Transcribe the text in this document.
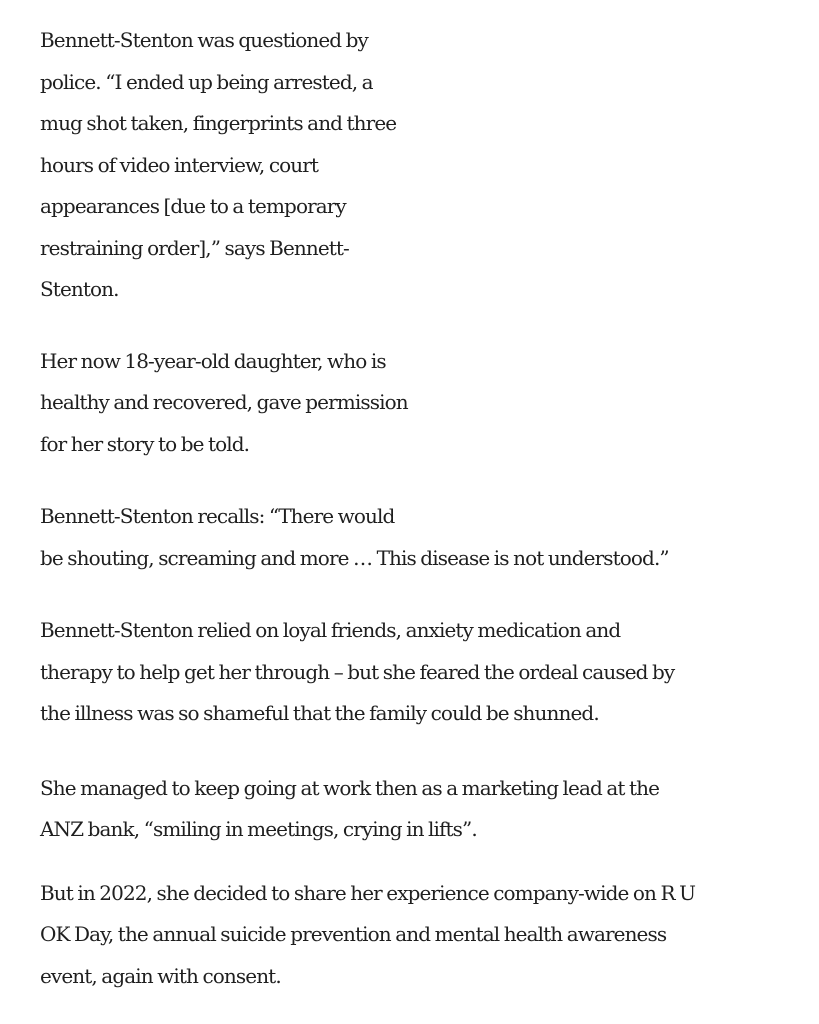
Bennett-Stenton was questioned by
police. “I ended up being arrested, a
mug shot taken, fingerprints and three
hours of video interview, court
appearances [due to a temporary
restraining order],” says Bennett-
Stenton.

Her now 18-year-old daughter, who is
healthy and recovered, gave permission
for her story to be told.

Bennett-Stenton recalls: “There would
be shouting, screaming and more … This disease is not understood.”

Bennett-Stenton relied on loyal friends, anxiety medication and
therapy to help get her through – but she feared the ordeal caused by
the illness was so shameful that the family could be shunned.

She managed to keep going at work then as a marketing lead at the
ANZ bank, “smiling in meetings, crying in lifts”.

But in 2022, she decided to share her experience company-wide on R U
OK Day, the annual suicide prevention and mental health awareness
event, again with consent.
